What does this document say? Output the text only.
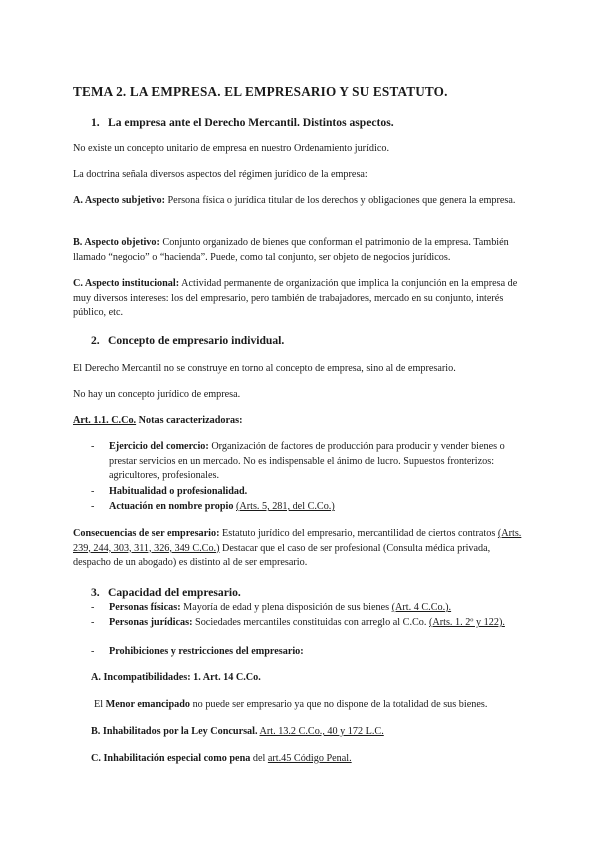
TEMA 2. LA EMPRESA. EL EMPRESARIO Y SU ESTATUTO.
1. La empresa ante el Derecho Mercantil. Distintos aspectos.

No existe un concepto unitario de empresa en nuestro Ordenamiento jurídico.

La doctrina señala diversos aspectos del régimen jurídico de la empresa:

A. Aspecto subjetivo: Persona física o jurídica titular de los derechos y obligaciones que genera la empresa.

B. Aspecto objetivo: Conjunto organizado de bienes que conforman el patrimonio de la empresa. También llamado “negocio” o “hacienda”. Puede, como tal conjunto, ser objeto de negocios jurídicos.

C. Aspecto institucional: Actividad permanente de organización que implica la conjunción en la empresa de muy diversos intereses: los del empresario, pero también de trabajadores, mercado en su conjunto, interés público, etc.

2. Concepto de empresario individual.

El Derecho Mercantil no se construye en torno al concepto de empresa, sino al de empresario.

No hay un concepto jurídico de empresa.

Art. 1.1. C.Co. Notas caracterizadoras:

- Ejercicio del comercio: Organización de factores de producción para producir y vender bienes o prestar servicios en un mercado. No es indispensable el ánimo de lucro. Supuestos fronterizos: agricultores, profesionales.
- Habitualidad o profesionalidad.
- Actuación en nombre propio (Arts. 5, 281, del C.Co.)

Consecuencias de ser empresario: Estatuto jurídico del empresario, mercantilidad de ciertos contratos (Arts. 239, 244, 303, 311, 326, 349 C.Co.) Destacar que el caso de ser profesional (Consulta médica privada, despacho de un abogado) es distinto al de ser empresario.

3. Capacidad del empresario.
- Personas físicas: Mayoría de edad y plena disposición de sus bienes (Art. 4 C.Co.).
- Personas jurídicas: Sociedades mercantiles constituidas con arreglo al C.Co. (Arts. 1. 2º y 122).
- Prohibiciones y restricciones del empresario:
A. Incompatibilidades: 1. Art. 14 C.Co.
El Menor emancipado no puede ser empresario ya que no dispone de la totalidad de sus bienes.
B. Inhabilitados por la Ley Concursal. Art. 13.2 C.Co., 40 y 172 L.C.
C. Inhabilitación especial como pena del art.45 Código Penal.
